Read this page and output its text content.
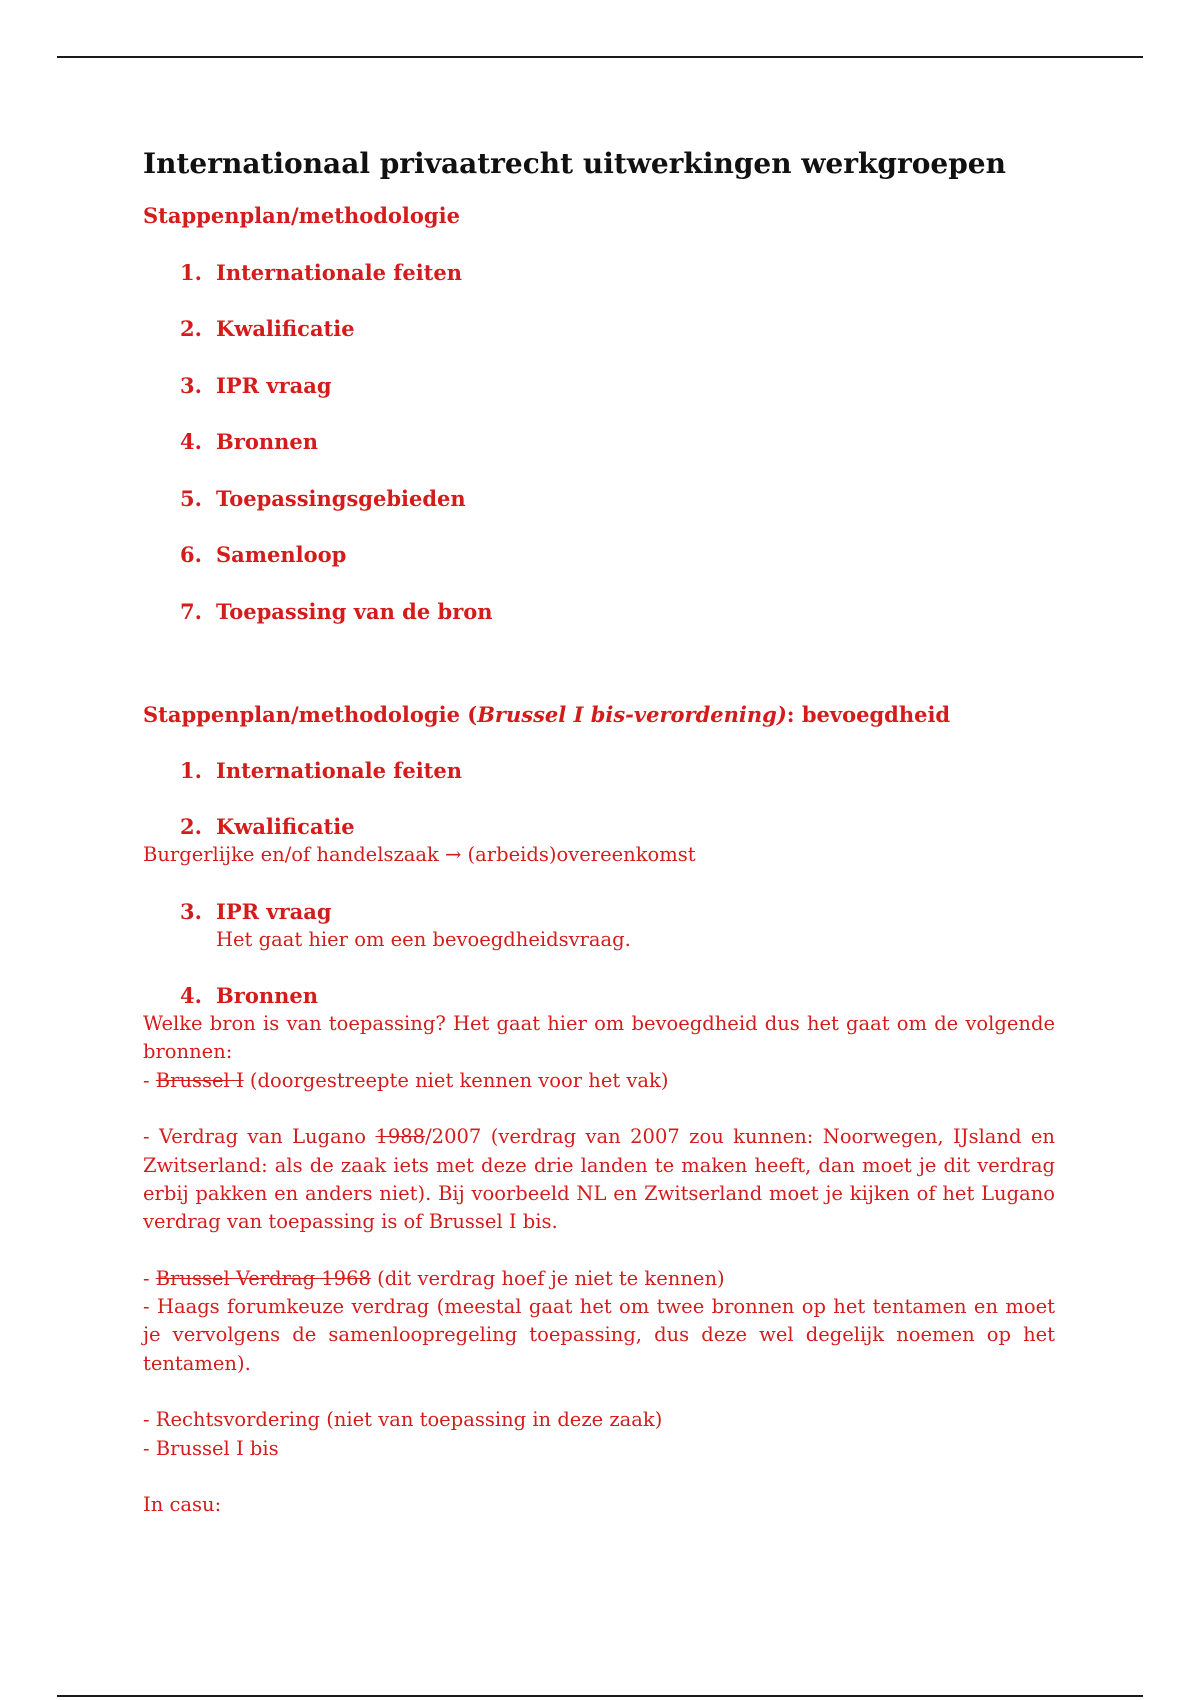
Internationaal privaatrecht uitwerkingen werkgroepen
Stappenplan/methodologie
1. Internationale feiten
2. Kwalificatie
3. IPR vraag
4. Bronnen
5. Toepassingsgebieden
6. Samenloop
7. Toepassing van de bron
Stappenplan/methodologie (Brussel I bis-verordening): bevoegdheid
1. Internationale feiten
2. Kwalificatie

Burgerlijke en/of handelszaak → (arbeids)overeenkomst

3. IPR vraag

Het gaat hier om een bevoegdheidsvraag.

4. Bronnen

Welke bron is van toepassing? Het gaat hier om bevoegdheid dus het gaat om de volgende bronnen:

- Brussel I (doorgestreepte niet kennen voor het vak)

- Verdrag van Lugano 1988/2007 (verdrag van 2007 zou kunnen: Noorwegen, IJsland en Zwitserland: als de zaak iets met deze drie landen te maken heeft, dan moet je dit verdrag erbij pakken en anders niet). Bij voorbeeld NL en Zwitserland moet je kijken of het Lugano verdrag van toepassing is of Brussel I bis.

- Brussel Verdrag 1968 (dit verdrag hoef je niet te kennen)

- Haags forumkeuze verdrag (meestal gaat het om twee bronnen op het tentamen en moet je vervolgens de samenloopregeling toepassing, dus deze wel degelijk noemen op het tentamen).

- Rechtsvordering (niet van toepassing in deze zaak)

- Brussel I bis

In casu:
